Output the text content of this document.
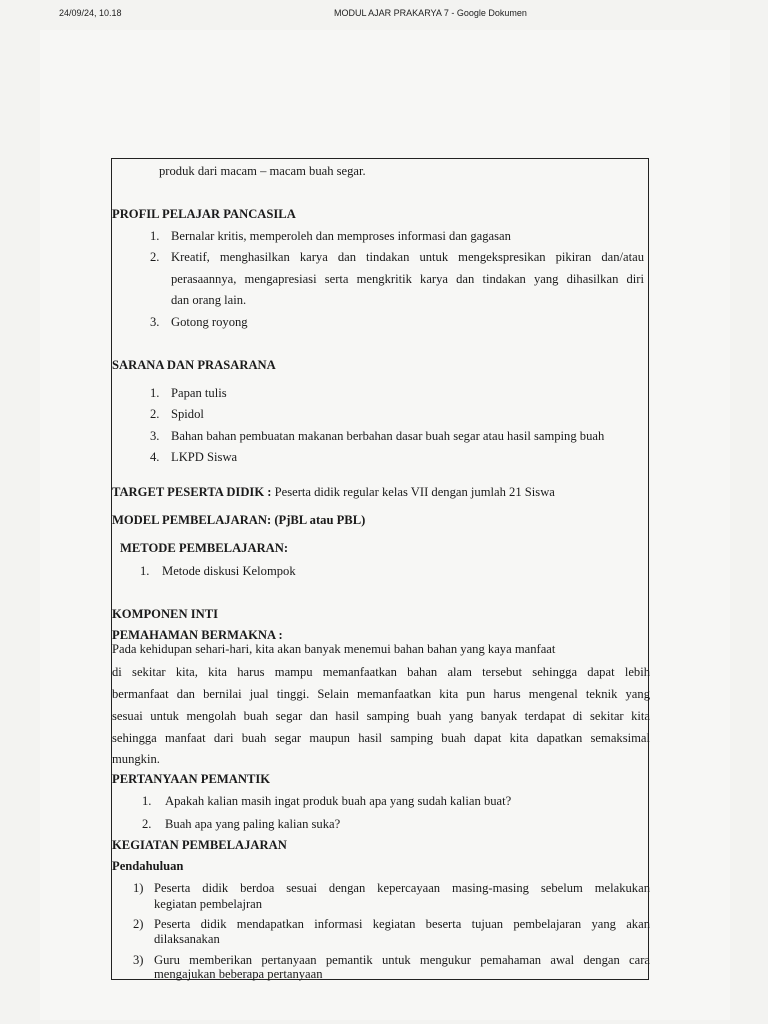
24/09/24, 10.18	MODUL AJAR PRAKARYA 7 - Google Dokumen
produk dari macam – macam buah segar.
PROFIL PELAJAR PANCASILA
1. Bernalar kritis, memperoleh dan memproses informasi dan gagasan
2. Kreatif, menghasilkan karya dan tindakan untuk mengekspresikan pikiran dan/atau
perasaannya, mengapresiasi serta mengkritik karya dan tindakan yang dihasilkan diri
dan orang lain.
3. Gotong royong
SARANA DAN PRASARANA
1. Papan tulis
2. Spidol
3. Bahan bahan pembuatan makanan berbahan dasar buah segar atau hasil samping buah
4. LKPD Siswa
TARGET PESERTA DIDIK : Peserta didik regular kelas VII dengan jumlah 21 Siswa
MODEL PEMBELAJARAN: (PjBL atau PBL)
METODE PEMBELAJARAN:
1. Metode diskusi Kelompok
KOMPONEN INTI
PEMAHAMAN BERMAKNA :
Pada kehidupan sehari-hari, kita akan banyak menemui bahan bahan yang kaya manfaat
di sekitar kita, kita harus mampu memanfaatkan bahan alam tersebut sehingga dapat lebih
bermanfaat dan bernilai jual tinggi. Selain memanfaatkan kita pun harus mengenal teknik yang
sesuai untuk mengolah buah segar dan hasil samping buah yang banyak terdapat di sekitar kita
sehingga manfaat dari buah segar maupun hasil samping buah dapat kita dapatkan semaksimal
mungkin.
PERTANYAAN PEMANTIK
1. Apakah kalian masih ingat produk buah apa yang sudah kalian buat?
2. Buah apa yang paling kalian suka?
KEGIATAN PEMBELAJARAN
Pendahuluan
1) Peserta didik berdoa sesuai dengan kepercayaan masing-masing sebelum melakukan
kegiatan pembelajran
2) Peserta didik mendapatkan informasi kegiatan beserta tujuan pembelajaran yang akan
dilaksanakan
3) Guru memberikan pertanyaan pemantik untuk mengukur pemahaman awal dengan cara
mengajukan beberapa pertanyaan
